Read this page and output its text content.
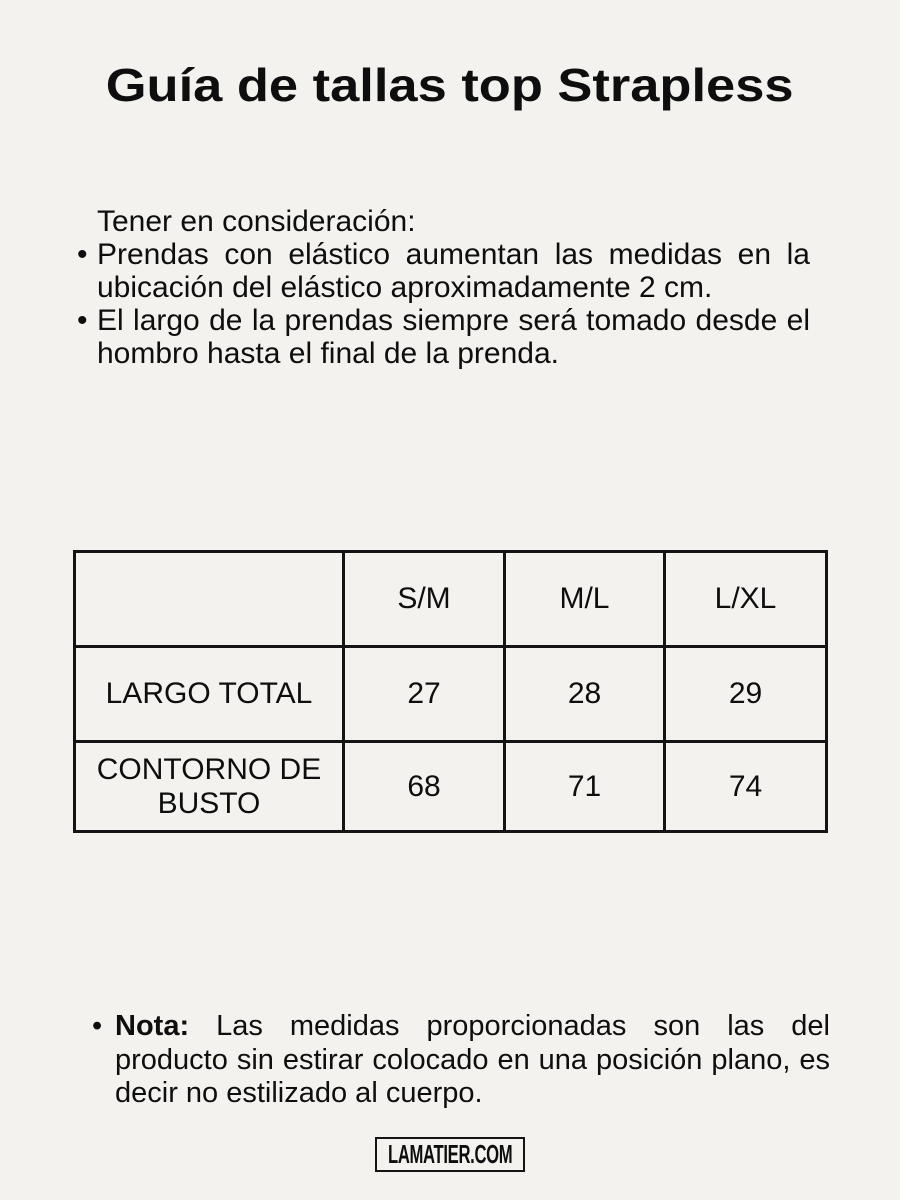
Guía de tallas top Strapless
Tener en consideración:
• Prendas con elástico aumentan las medidas en la
ubicación del elástico aproximadamente 2 cm.
• El largo de la prendas siempre será tomado desde el
hombro hasta el final de la prenda.
	S/M	M/L	L/XL
LARGO TOTAL	27	28	29
CONTORNO DE BUSTO	68	71	74
• Nota: Las medidas proporcionadas son las del
producto sin estirar colocado en una posición plano, es
decir no estilizado al cuerpo.
LAMATIER.COM
